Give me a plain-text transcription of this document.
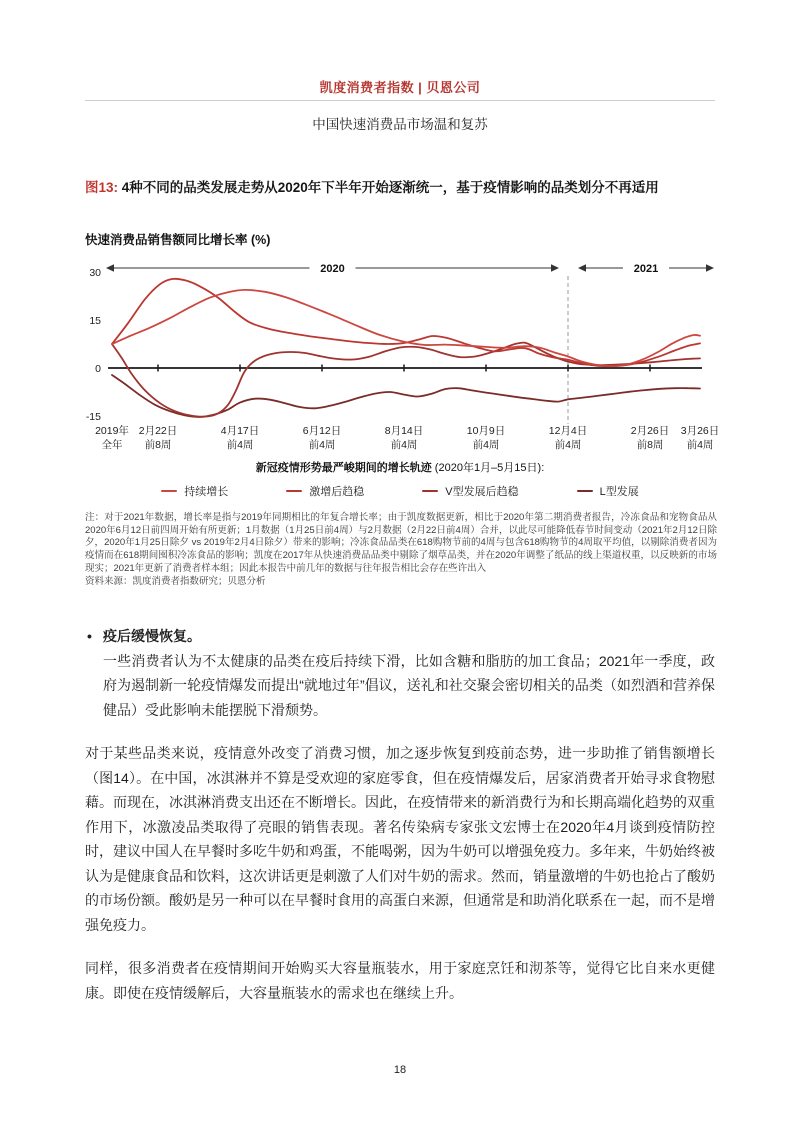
凯度消费者指数 | 贝恩公司
中国快速消费品市场温和复苏
图13: 4种不同的品类发展走势从2020年下半年开始逐渐统一，基于疫情影响的品类划分不再适用
快速消费品销售额同比增长率 (%)
2020	2021
2019年全年
2月22日前8周
4月17日前4周
6月12日前4周
8月14日前4周
10月9日前4周
12月4日前4周
2月26日前8周
3月26日前4周
30
15
0
-15
新冠疫情形势最严峻期间的增长轨迹 (2020年1月–5月15日):
持续增长	激增后趋稳	V型发展后趋稳	L型发展
注：对于2021年数据，增长率是指与2019年同期相比的年复合增长率；由于凯度数据更新，相比于2020年第二期消费者报告，冷冻食品和宠物食品从2020年6月12日前四周开始有所更新；1月数据（1月25日前4周）与2月数据（2月22日前4周）合并，以此尽可能降低春节时间变动（2021年2月12日除夕，2020年1月25日除夕 vs 2019年2月4日除夕）带来的影响；冷冻食品品类在618购物节前的4周与包含618购物节的4周取平均值，以剔除消费者因为疫情而在618期间囤积冷冻食品的影响；凯度在2017年从快速消费品品类中剔除了烟草品类，并在2020年调整了纸品的线上渠道权重，以反映新的市场现实；2021年更新了消费者样本组；因此本报告中前几年的数据与往年报告相比会存在些许出入
资料来源：凯度消费者指数研究；贝恩分析
• 疫后缓慢恢复。
一些消费者认为不太健康的品类在疫后持续下滑，比如含糖和脂肪的加工食品；2021年一季度，政府为遏制新一轮疫情爆发而提出“就地过年”倡议，送礼和社交聚会密切相关的品类（如烈酒和营养保健品）受此影响未能摆脱下滑颓势。
对于某些品类来说，疫情意外改变了消费习惯，加之逐步恢复到疫前态势，进一步助推了销售额增长（图14）。在中国，冰淇淋并不算是受欢迎的家庭零食，但在疫情爆发后，居家消费者开始寻求食物慰藉。而现在，冰淇淋消费支出还在不断增长。因此，在疫情带来的新消费行为和长期高端化趋势的双重作用下，冰激凌品类取得了亮眼的销售表现。著名传染病专家张文宏博士在2020年4月谈到疫情防控时，建议中国人在早餐时多吃牛奶和鸡蛋，不能喝粥，因为牛奶可以增强免疫力。多年来，牛奶始终被认为是健康食品和饮料，这次讲话更是刺激了人们对牛奶的需求。然而，销量激增的牛奶也抢占了酸奶的市场份额。酸奶是另一种可以在早餐时食用的高蛋白来源，但通常是和助消化联系在一起，而不是增强免疫力。
同样，很多消费者在疫情期间开始购买大容量瓶装水，用于家庭烹饪和沏茶等，觉得它比自来水更健康。即使在疫情缓解后，大容量瓶装水的需求也在继续上升。
18
